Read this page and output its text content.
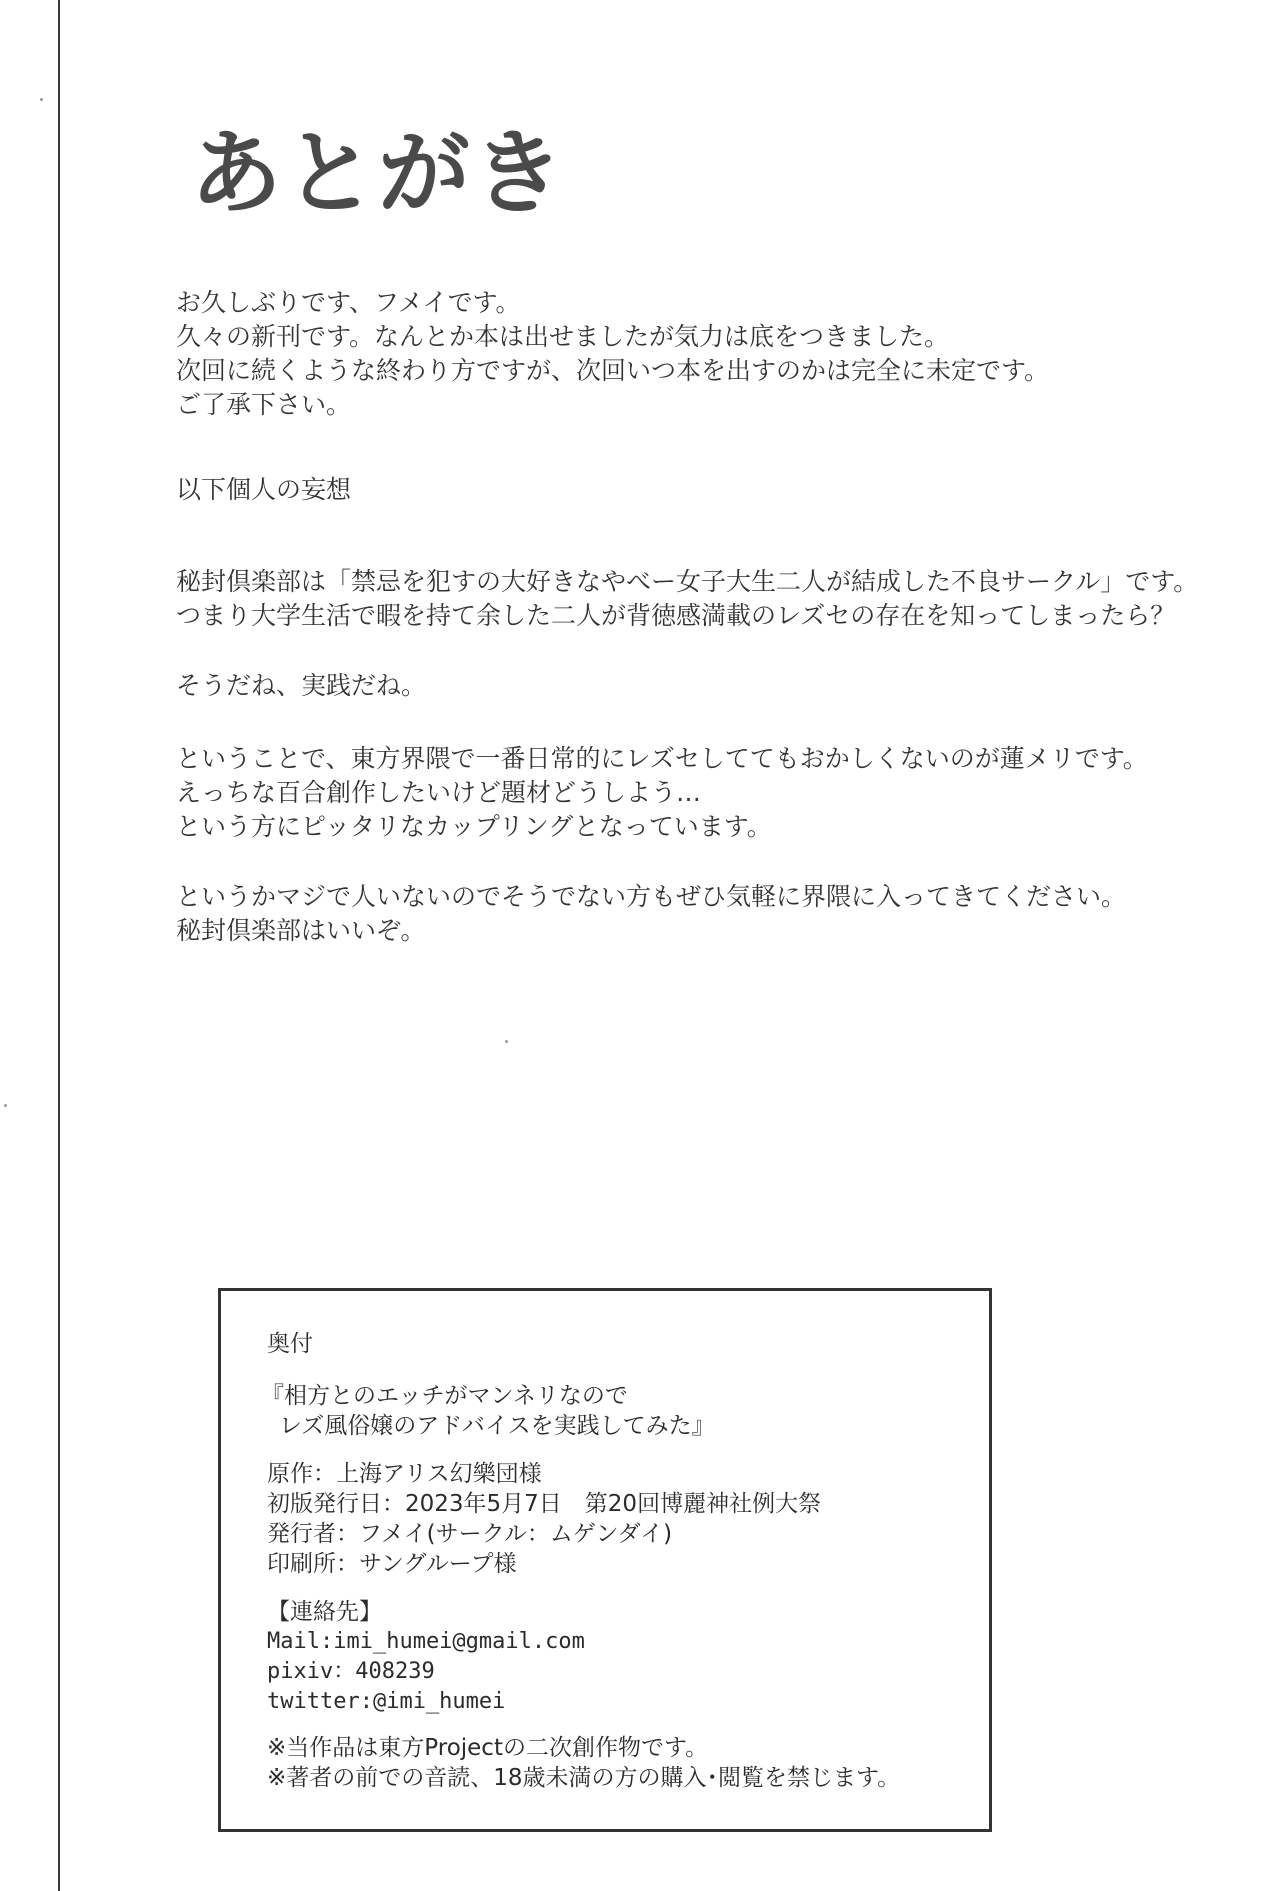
あとがき
お久しぶりです、フメイです。
久々の新刊です。なんとか本は出せましたが気力は底をつきました。
次回に続くような終わり方ですが、次回いつ本を出すのかは完全に未定です。
ご了承下さい。
以下個人の妄想
秘封倶楽部は「禁忌を犯すの大好きなやべー女子大生二人が結成した不良サークル」です。
つまり大学生活で暇を持て余した二人が背徳感満載のレズセの存在を知ってしまったら？
そうだね、実践だね。
ということで、東方界隈で一番日常的にレズセしててもおかしくないのが蓮メリです。
えっちな百合創作したいけど題材どうしよう…
という方にピッタリなカップリングとなっています。
というかマジで人いないのでそうでない方もぜひ気軽に界隈に入ってきてください。
秘封倶楽部はいいぞ。
奥付
『相方とのエッチがマンネリなので
レズ風俗嬢のアドバイスを実践してみた』
原作：上海アリス幻樂団様
初版発行日：2023年5月7日　第20回博麗神社例大祭
発行者：フメイ(サークル：ムゲンダイ)
印刷所：サングループ様
【連絡先】
Mail:imi_humei@gmail.com
pixiv：408239
twitter:@imi_humei
※当作品は東方Projectの二次創作物です。
※著者の前での音読、18歳未満の方の購入･閲覧を禁じます。
